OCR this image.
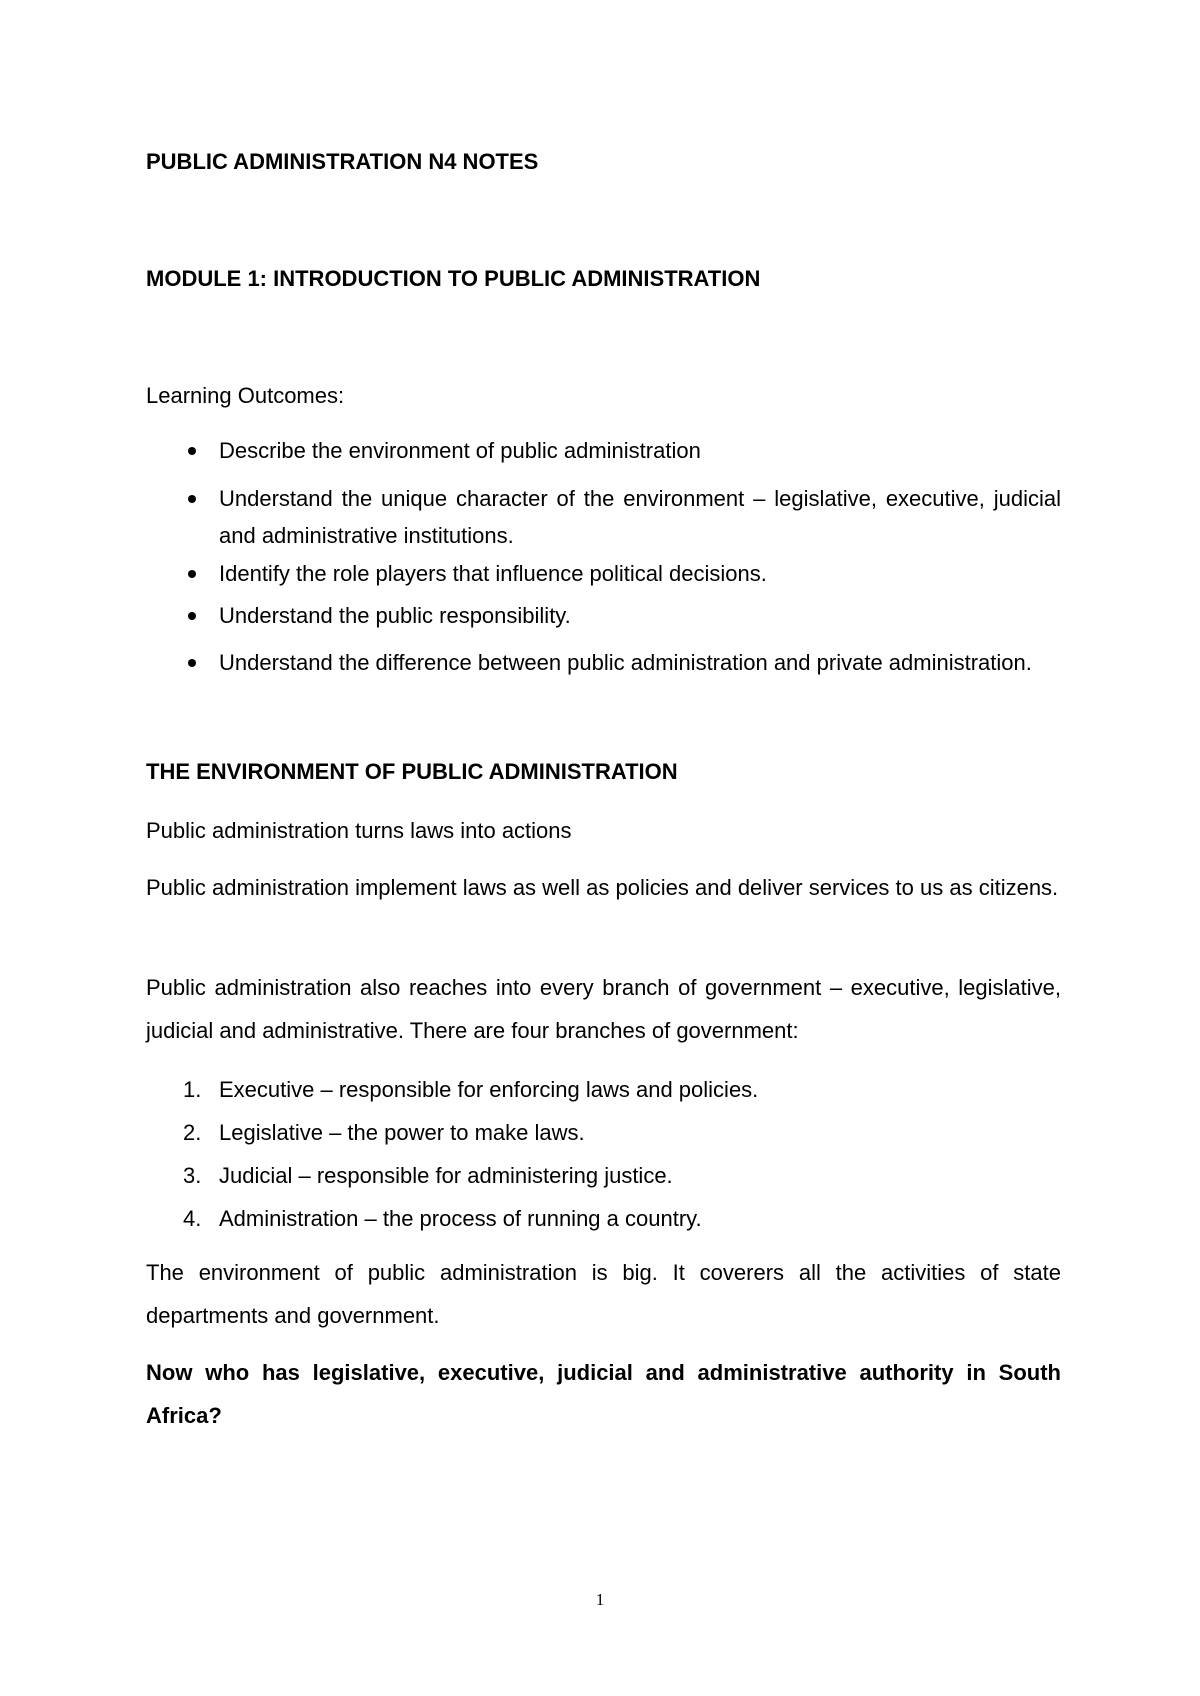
PUBLIC ADMINISTRATION N4 NOTES
MODULE 1: INTRODUCTION TO PUBLIC ADMINISTRATION

Learning Outcomes:

Describe the environment of public administration
Understand the unique character of the environment – legislative, executive, judicial and administrative institutions.
Identify the role players that influence political decisions.
Understand the public responsibility.
Understand the difference between public administration and private administration.
THE ENVIRONMENT OF PUBLIC ADMINISTRATION

Public administration turns laws into actions

Public administration implement laws as well as policies and deliver services to us as citizens.

Public administration also reaches into every branch of government – executive, legislative, judicial and administrative. There are four branches of government:

1. Executive – responsible for enforcing laws and policies.
2. Legislative – the power to make laws.
3. Judicial – responsible for administering justice.
4. Administration – the process of running a country.

The environment of public administration is big. It coverers all the activities of state departments and government.

Now who has legislative, executive, judicial and administrative authority in South Africa?

1
